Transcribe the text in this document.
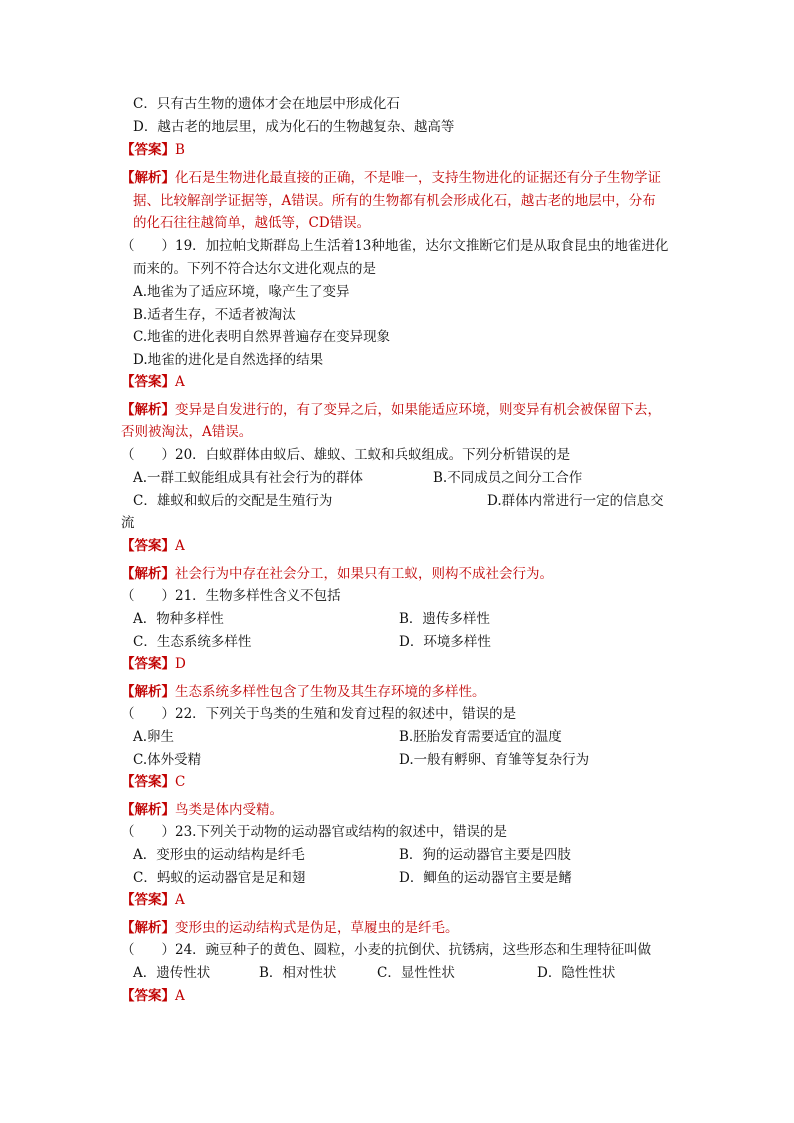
C．只有古生物的遗体才会在地层中形成化石
D．越古老的地层里，成为化石的生物越复杂、越高等
【答案】B
【解析】化石是生物进化最直接的正确，不是唯一，支持生物进化的证据还有分子生物学证
据、比较解剖学证据等，A错误。所有的生物都有机会形成化石，越古老的地层中，分布
的化石往往越简单，越低等，CD错误。
（　　）19．加拉帕戈斯群岛上生活着13种地雀，达尔文推断它们是从取食昆虫的地雀进化
而来的。下列不符合达尔文进化观点的是
A.地雀为了适应环境，喙产生了变异
B.适者生存，不适者被淘汰
C.地雀的进化表明自然界普遍存在变异现象
D.地雀的进化是自然选择的结果
【答案】A
【解析】变异是自发进行的，有了变异之后，如果能适应环境，则变异有机会被保留下去，
否则被淘汰，A错误。
（　　）20．白蚁群体由蚁后、雄蚁、工蚁和兵蚁组成。下列分析错误的是
A.一群工蚁能组成具有社会行为的群体	B.不同成员之间分工合作
C．雄蚁和蚁后的交配是生殖行为	D.群体内常进行一定的信息交
流
【答案】A
【解析】社会行为中存在社会分工，如果只有工蚁，则构不成社会行为。
（　　）21．生物多样性含义不包括
A．物种多样性	B．遗传多样性
C．生态系统多样性	D．环境多样性
【答案】D
【解析】生态系统多样性包含了生物及其生存环境的多样性。
（　　）22．下列关于鸟类的生殖和发育过程的叙述中，错误的是
A.卵生	B.胚胎发育需要适宜的温度
C.体外受精	D.一般有孵卵、育雏等复杂行为
【答案】C
【解析】鸟类是体内受精。
（　　）23.下列关于动物的运动器官或结构的叙述中，错误的是
A．变形虫的运动结构是纤毛	B．狗的运动器官主要是四肢
C．蚂蚁的运动器官是足和翅	D．鲫鱼的运动器官主要是鳍
【答案】A
【解析】变形虫的运动结构式是伪足，草履虫的是纤毛。
（　　）24．豌豆种子的黄色、圆粒，小麦的抗倒伏、抗锈病，这些形态和生理特征叫做
A．遗传性状	B．相对性状	C．显性性状	D．隐性性状
【答案】A
